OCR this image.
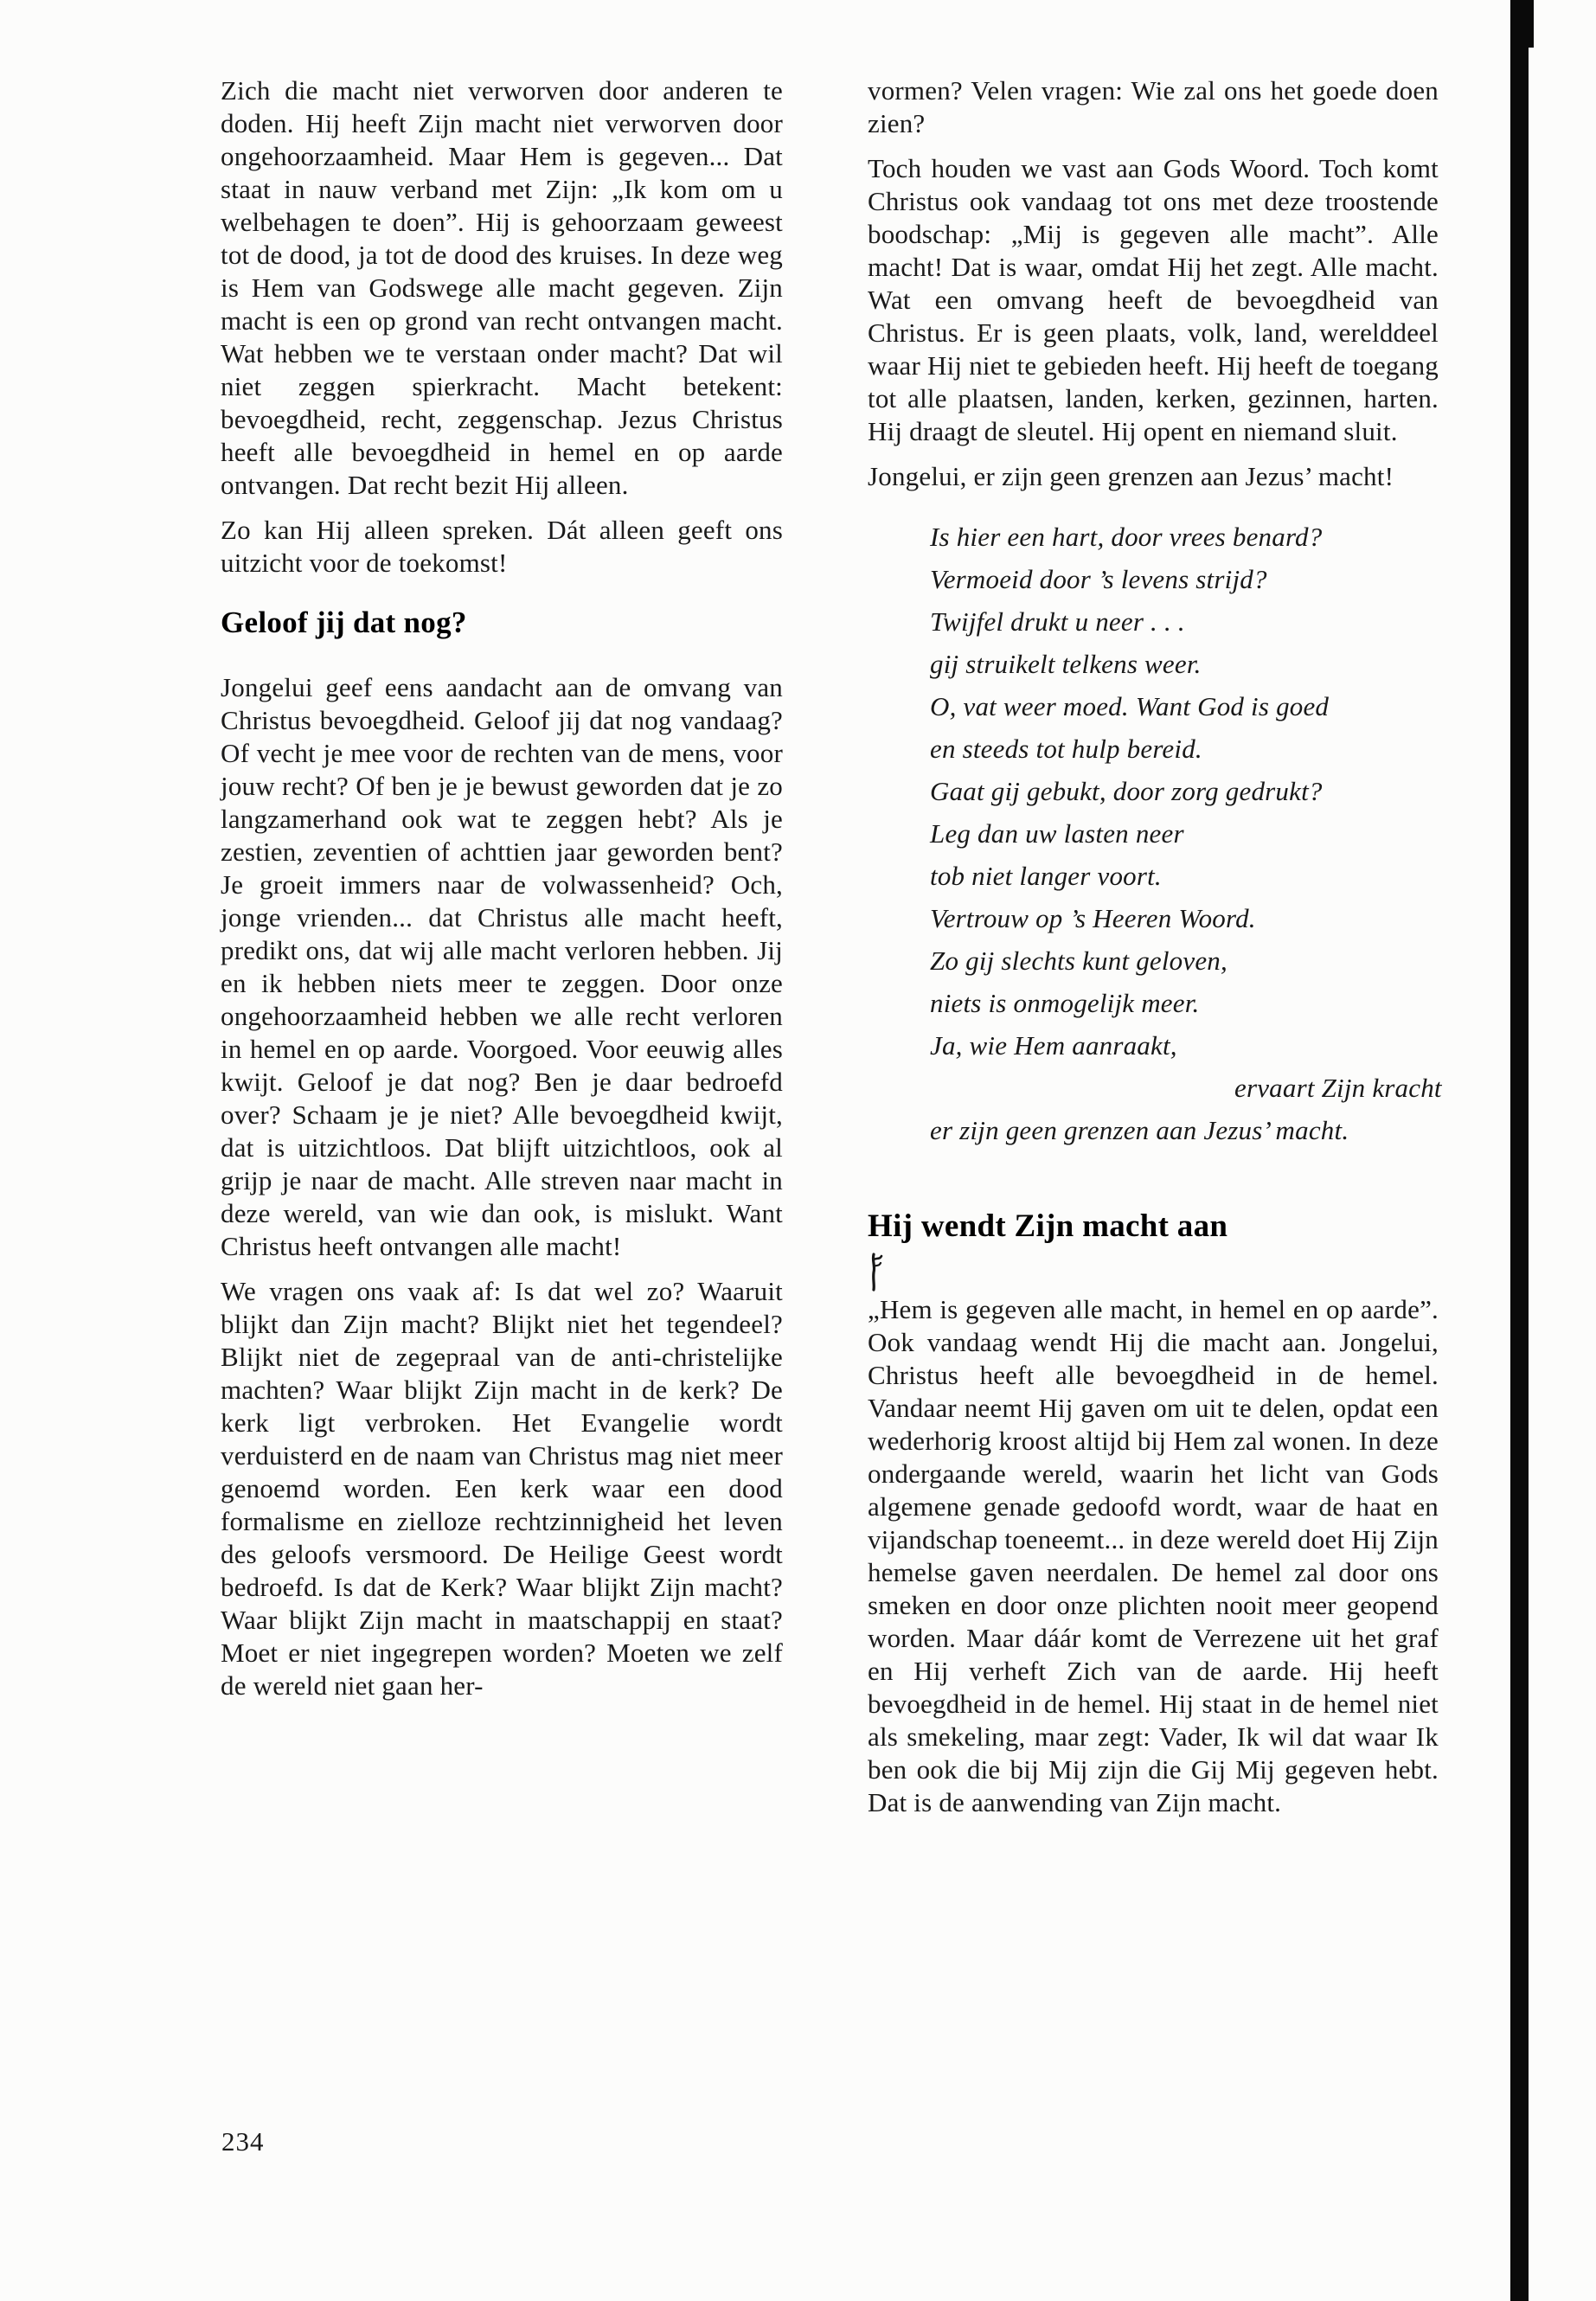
Zich die macht niet verworven door anderen te doden. Hij heeft Zijn macht niet verworven door ongehoorzaamheid. Maar Hem is gegeven... Dat staat in nauw verband met Zijn: „Ik kom om u welbehagen te doen”. Hij is gehoorzaam geweest tot de dood, ja tot de dood des kruises. In deze weg is Hem van Godswege alle macht gegeven. Zijn macht is een op grond van recht ontvangen macht. Wat hebben we te verstaan onder macht? Dat wil niet zeggen spierkracht. Macht betekent: bevoegdheid, recht, zeggenschap. Jezus Christus heeft alle bevoegdheid in hemel en op aarde ontvangen. Dat recht bezit Hij alleen.

Zo kan Hij alleen spreken. Dát alleen geeft ons uitzicht voor de toekomst!

Geloof jij dat nog?

Jongelui geef eens aandacht aan de omvang van Christus bevoegdheid. Geloof jij dat nog vandaag? Of vecht je mee voor de rechten van de mens, voor jouw recht? Of ben je je bewust geworden dat je zo langzamerhand ook wat te zeggen hebt? Als je zestien, zeventien of achttien jaar geworden bent? Je groeit immers naar de volwassenheid? Och, jonge vrienden... dat Christus alle macht heeft, predikt ons, dat wij alle macht verloren hebben. Jij en ik hebben niets meer te zeggen. Door onze ongehoorzaamheid hebben we alle recht verloren in hemel en op aarde. Voorgoed. Voor eeuwig alles kwijt. Geloof je dat nog? Ben je daar bedroefd over? Schaam je je niet? Alle bevoegdheid kwijt, dat is uitzichtloos. Dat blijft uitzichtloos, ook al grijp je naar de macht. Alle streven naar macht in deze wereld, van wie dan ook, is mislukt. Want Christus heeft ontvangen alle macht!

We vragen ons vaak af: Is dat wel zo? Waaruit blijkt dan Zijn macht? Blijkt niet het tegendeel? Blijkt niet de zegepraal van de anti-christelijke machten? Waar blijkt Zijn macht in de kerk? De kerk ligt verbroken. Het Evangelie wordt verduisterd en de naam van Christus mag niet meer genoemd worden. Een kerk waar een dood formalisme en zielloze rechtzinnigheid het leven des geloofs versmoord. De Heilige Geest wordt bedroefd. Is dat de Kerk? Waar blijkt Zijn macht? Waar blijkt Zijn macht in maatschappij en staat? Moet er niet ingegrepen worden? Moeten we zelf de wereld niet gaan her-

vormen? Velen vragen: Wie zal ons het goede doen zien?

Toch houden we vast aan Gods Woord. Toch komt Christus ook vandaag tot ons met deze troostende boodschap: „Mij is gegeven alle macht”. Alle macht! Dat is waar, omdat Hij het zegt. Alle macht. Wat een omvang heeft de bevoegdheid van Christus. Er is geen plaats, volk, land, werelddeel waar Hij niet te gebieden heeft. Hij heeft de toegang tot alle plaatsen, landen, kerken, gezinnen, harten. Hij draagt de sleutel. Hij opent en niemand sluit.

Jongelui, er zijn geen grenzen aan Jezus’ macht!

Is hier een hart, door vrees benard?
Vermoeid door ’s levens strijd?
Twijfel drukt u neer . . .
gij struikelt telkens weer.
O, vat weer moed. Want God is goed
en steeds tot hulp bereid.
Gaat gij gebukt, door zorg gedrukt?
Leg dan uw lasten neer
tob niet langer voort.
Vertrouw op ’s Heeren Woord.
Zo gij slechts kunt geloven,
niets is onmogelijk meer.
Ja, wie Hem aanraakt,
ervaart Zijn kracht
er zijn geen grenzen aan Jezus’ macht.
Hij wendt Zijn macht aan

„Hem is gegeven alle macht, in hemel en op aarde”. Ook vandaag wendt Hij die macht aan. Jongelui, Christus heeft alle bevoegdheid in de hemel. Vandaar neemt Hij gaven om uit te delen, opdat een wederhorig kroost altijd bij Hem zal wonen. In deze ondergaande wereld, waarin het licht van Gods algemene genade gedoofd wordt, waar de haat en vijandschap toeneemt... in deze wereld doet Hij Zijn hemelse gaven neerdalen. De hemel zal door ons smeken en door onze plichten nooit meer geopend worden. Maar dáár komt de Verrezene uit het graf en Hij verheft Zich van de aarde. Hij heeft bevoegdheid in de hemel. Hij staat in de hemel niet als smekeling, maar zegt: Vader, Ik wil dat waar Ik ben ook die bij Mij zijn die Gij Mij gegeven hebt. Dat is de aanwending van Zijn macht.

234
